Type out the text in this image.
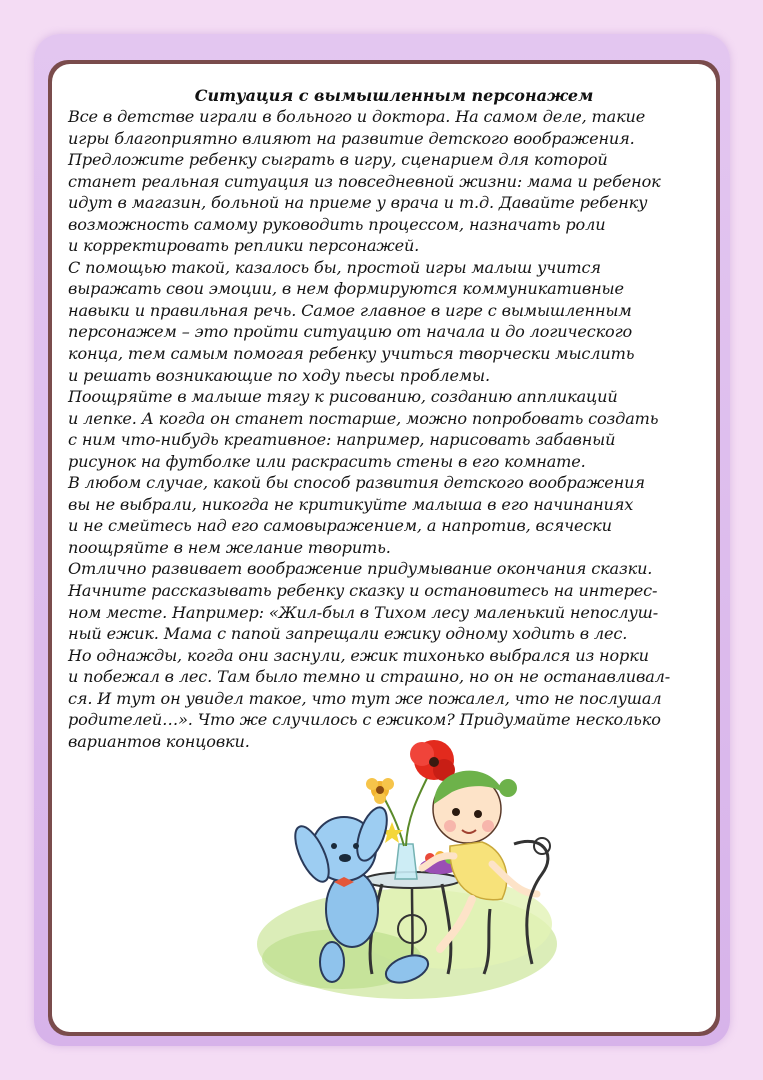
Ситуация с вымышленным персонажем
Все в детстве играли в больного и доктора. На самом деле, такие
игры благоприятно влияют на развитие детского воображения.
Предложите ребенку сыграть в игру, сценарием для которой
станет реальная ситуация из повседневной жизни: мама и ребенок
идут в магазин, больной на приеме у врача и т.д. Давайте ребенку
возможность самому руководить процессом, назначать роли
и корректировать реплики персонажей.
С помощью такой, казалось бы, простой игры малыш учится
выражать свои эмоции, в нем формируются коммуникативные
навыки и правильная речь. Самое главное в игре с вымышленным
персонажем – это пройти ситуацию от начала и до логического
конца, тем самым помогая ребенку учиться творчески мыслить
и решать возникающие по ходу пьесы проблемы.
Поощряйте в малыше тягу к рисованию, созданию аппликаций
и лепке. А когда он станет постарше, можно попробовать создать
с ним что-нибудь креативное: например, нарисовать забавный
рисунок на футболке или раскрасить стены в его комнате.
В любом случае, какой бы способ развития детского воображения
вы не выбрали, никогда не критикуйте малыша в его начинаниях
и не смейтесь над его самовыражением, а напротив, всячески
поощряйте в нем желание творить.
Отлично развивает воображение придумывание окончания сказки.
Начните рассказывать ребенку сказку и остановитесь на интерес-
ном месте. Например: «Жил-был в Тихом лесу маленький непослуш-
ный ежик. Мама с папой запрещали ежику одному ходить в лес.
Но однажды, когда они заснули, ежик тихонько выбрался из норки
и побежал в лес. Там было темно и страшно, но он не останавливал-
ся. И тут он увидел такое, что тут же пожалел, что не послушал
родителей…». Что же случилось с ежиком? Придумайте несколько
вариантов концовки.
